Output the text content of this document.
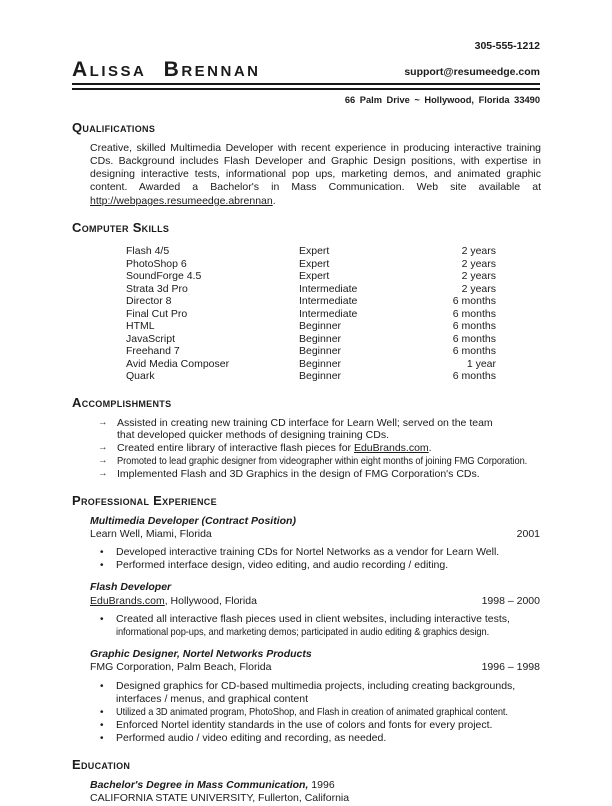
305-555-1212
Alissa Brennan	support@resumeedge.com
66 Palm Drive ~ Hollywood, Florida 33490
Qualifications

Creative, skilled Multimedia Developer with recent experience in producing interactive training CDs. Background includes Flash Developer and Graphic Design positions, with expertise in designing interactive tests, informational pop ups, marketing demos, and animated graphic content. Awarded a Bachelor's in Mass Communication. Web site available at http://webpages.resumeedge.abrennan.

Computer Skills
Flash 4/5	Expert	2 years
PhotoShop 6	Expert	2 years
SoundForge 4.5	Expert	2 years
Strata 3d Pro	Intermediate	2 years
Director 8	Intermediate	6 months
Final Cut Pro	Intermediate	6 months
HTML	Beginner	6 months
JavaScript	Beginner	6 months
Freehand 7	Beginner	6 months
Avid Media Composer	Beginner	1 year
Quark	Beginner	6 months
Accomplishments
→ Assisted in creating new training CD interface for Learn Well; served on the team
that developed quicker methods of designing training CDs.
→ Created entire library of interactive flash pieces for EduBrands.com.
→ Promoted to lead graphic designer from videographer within eight months of joining FMG Corporation.
→ Implemented Flash and 3D Graphics in the design of FMG Corporation's CDs.
Professional Experience
Multimedia Developer (Contract Position)
Learn Well, Miami, Florida	2001
•	Developed interactive training CDs for Nortel Networks as a vendor for Learn Well.
•	Performed interface design, video editing, and audio recording / editing.
Flash Developer
EduBrands.com, Hollywood, Florida	1998 – 2000
•	Created all interactive flash pieces used in client websites, including interactive tests,
informational pop-ups, and marketing demos; participated in audio editing & graphics design.
Graphic Designer, Nortel Networks Products
FMG Corporation, Palm Beach, Florida	1996 – 1998
•	Designed graphics for CD-based multimedia projects, including creating backgrounds,
interfaces / menus, and graphical content
•	Utilized a 3D animated program, PhotoShop, and Flash in creation of animated graphical content.
•	Enforced Nortel identity standards in the use of colors and fonts for every project.
•	Performed audio / video editing and recording, as needed.
Education
Bachelor's Degree in Mass Communication, 1996
CALIFORNIA STATE UNIVERSITY, Fullerton, California
